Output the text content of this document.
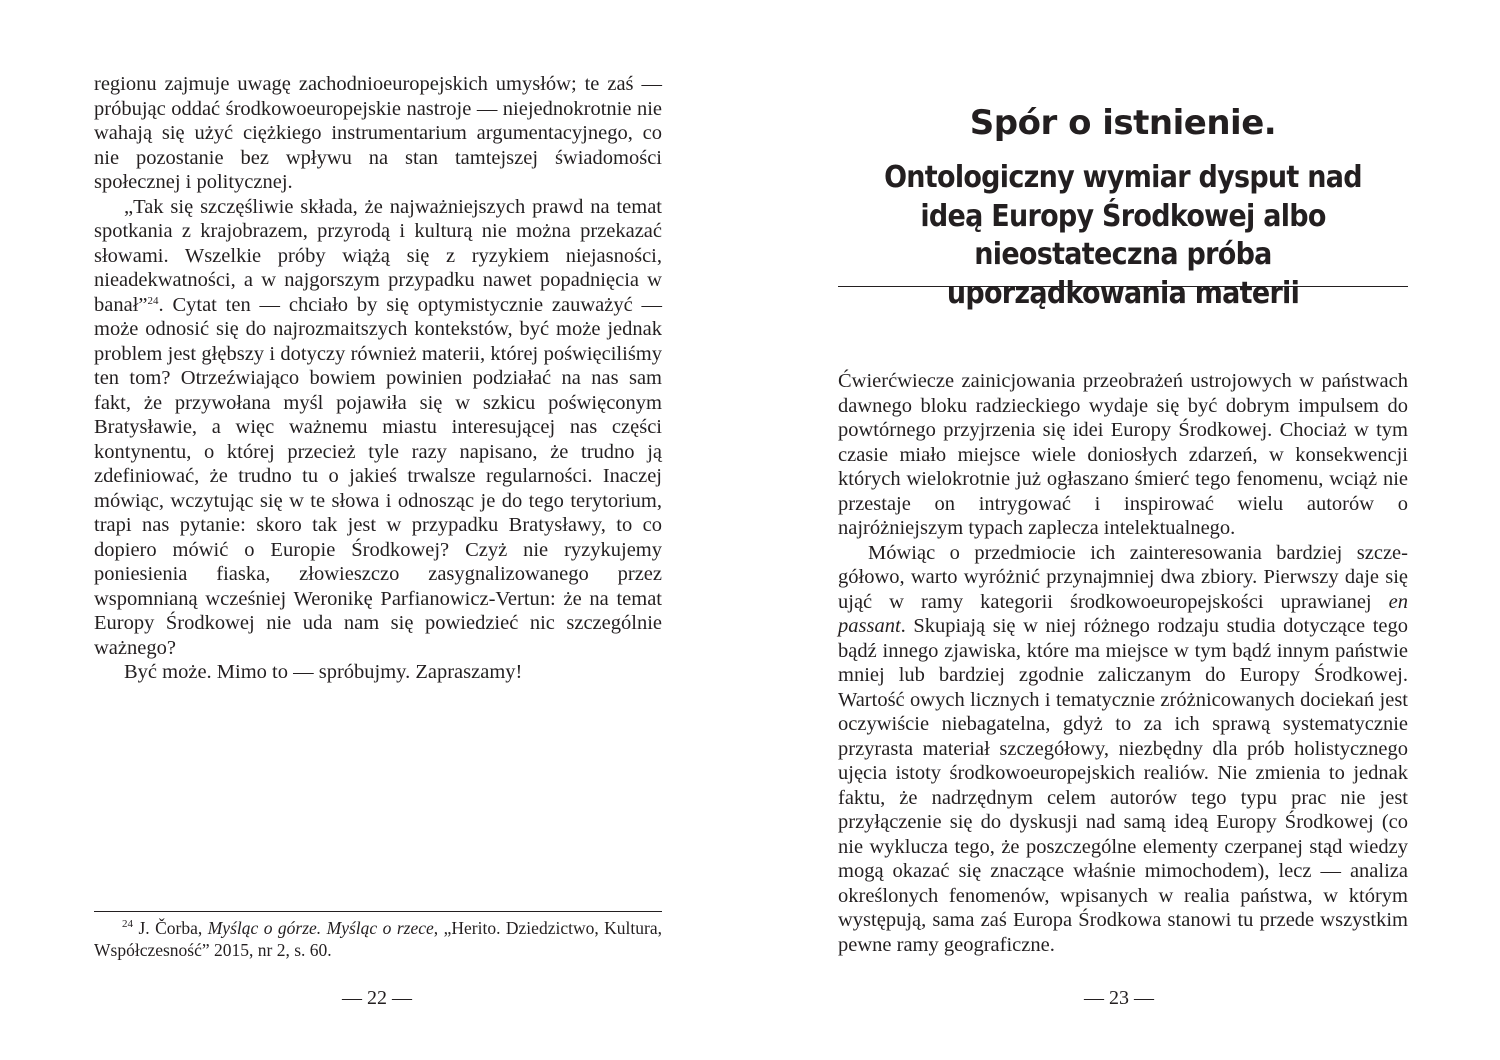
regionu zajmuje uwagę zachodnioeuropejskich umysłów; te zaś — próbując oddać środkowoeuropejskie nastroje — niejednokrotnie nie wahają się użyć ciężkiego instrumentarium argumentacyjnego, co nie pozostanie bez wpływu na stan tamtejszej świadomości społecznej i politycznej.

„Tak się szczęśliwie składa, że najważniejszych prawd na temat spotkania z krajobrazem, przyrodą i kulturą nie można przekazać słowami. Wszelkie próby wiążą się z ryzykiem niejasności, nieadekwatności, a w najgorszym przypadku nawet popadnięcia w banał”$^{24}$. Cytat ten — chciało by się optymistycznie zauważyć — może odnosić się do najrozmaitszych kontekstów, być może jednak problem jest głębszy i dotyczy również materii, której poświęciliśmy ten tom? Otrzeźwiająco bowiem powinien podziałać na nas sam fakt, że przywołana myśl pojawiła się w szkicu poświęconym Bratysławie, a więc ważnemu miastu interesującej nas części kontynentu, o której przecież tyle razy napisano, że trudno ją zdefiniować, że trudno tu o jakieś trwalsze regularności. Inaczej mówiąc, wczytując się w te słowa i odnosząc je do tego terytorium, trapi nas pytanie: skoro tak jest w przypadku Bratysławy, to co dopiero mówić o Europie Środkowej? Czyż nie ryzykujemy poniesienia fiaska, złowieszczo zasygnalizowanego przez wspomnianą wcześniej Weronikę Parfianowicz-Vertun: że na temat Europy Środkowej nie uda nam się powiedzieć nic szczególnie ważnego?

Być może. Mimo to — spróbujmy. Zapraszamy!

$^{24}$ J. Čorba, Myśląc o górze. Myśląc o rzece, „Herito. Dziedzictwo, Kultura, Współczesność” 2015, nr 2, s. 60.

— 22 —
Spór o istnienie.
Ontologiczny wymiar dysput nad ideą Europy Środkowej albo nieostateczna próba uporządkowania materii

Ćwierćwiecze zainicjowania przeobrażeń ustrojowych w państwach dawnego bloku radzieckiego wydaje się być dobrym impulsem do powtórnego przyjrzenia się idei Europy Środkowej. Chociaż w tym czasie miało miejsce wiele doniosłych zdarzeń, w konsekwencji których wielokrotnie już ogłaszano śmierć tego fenomenu, wciąż nie przestaje on intrygować i inspirować wielu autorów o najróżniejszym typach zaplecza intelektualnego.

Mówiąc o przedmiocie ich zainteresowania bardziej szczegółowo, warto wyróżnić przynajmniej dwa zbiory. Pierwszy daje się ująć w ramy kategorii środkowoeuropejskości uprawianej en passant. Skupiają się w niej różnego rodzaju studia dotyczące tego bądź innego zjawiska, które ma miejsce w tym bądź innym państwie mniej lub bardziej zgodnie zaliczanym do Europy Środkowej. Wartość owych licznych i tematycznie zróżnicowanych dociekań jest oczywiście niebagatelna, gdyż to za ich sprawą systematycznie przyrasta materiał szczegółowy, niezbędny dla prób holistycznego ujęcia istoty środkowoeuropejskich realiów. Nie zmienia to jednak faktu, że nadrzędnym celem autorów tego typu prac nie jest przyłączenie się do dyskusji nad samą ideą Europy Środkowej (co nie wyklucza tego, że poszczególne elementy czerpanej stąd wiedzy mogą okazać się znaczące właśnie mimochodem), lecz — analiza określonych fenomenów, wpisanych w realia państwa, w którym występują, sama zaś Europa Środkowa stanowi tu przede wszystkim pewne ramy geograficzne.

— 23 —
